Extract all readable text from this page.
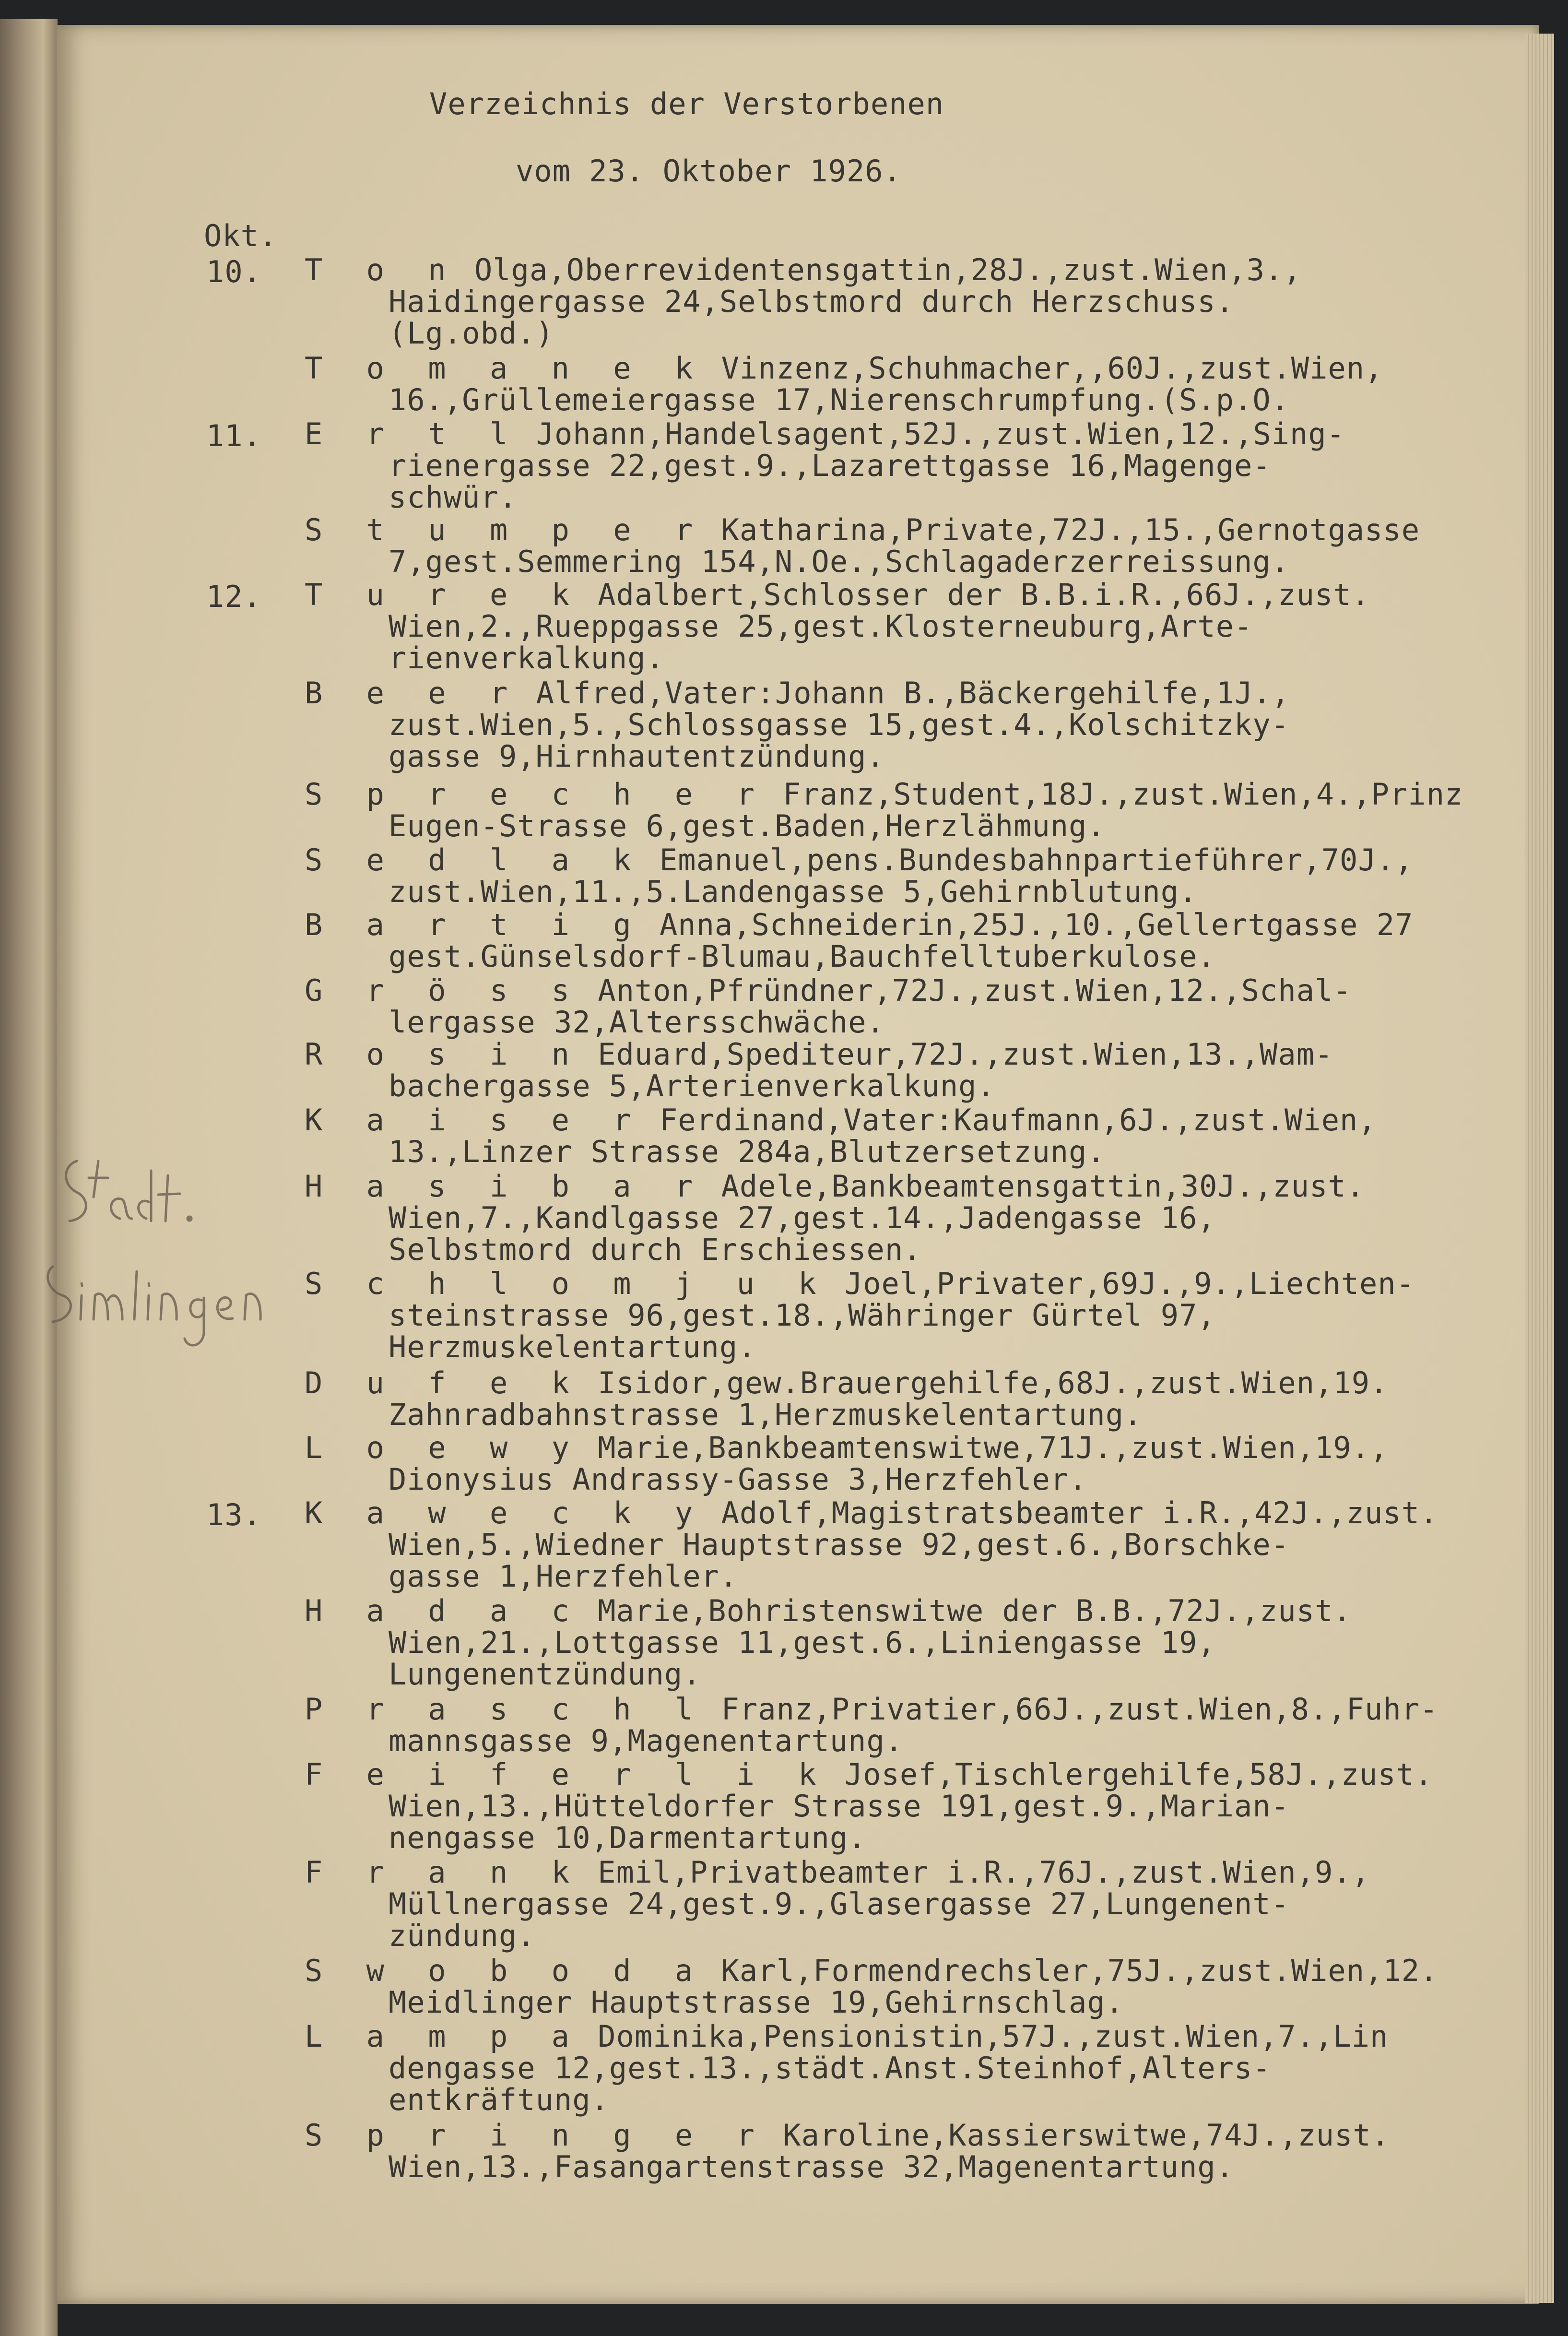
Verzeichnis der Verstorbenen
vom 23. Oktober 1926.
Okt.
10.
11.
12.
13.
T o n Olga,Oberrevidentensgattin,28J.,zust.Wien,3.,
Haidingergasse 24,Selbstmord durch Herzschuss.
(Lg.obd.)
T o m a n e k Vinzenz,Schuhmacher,,60J.,zust.Wien,
16.,Grüllemeiergasse 17,Nierenschrumpfung.(S.p.O.
E r t l Johann,Handelsagent,52J.,zust.Wien,12.,Sing-
rienergasse 22,gest.9.,Lazarettgasse 16,Magenge-
schwür.
S t u m p e r Katharina,Private,72J.,15.,Gernotgasse
7,gest.Semmering 154,N.Oe.,Schlagaderzerreissung.
T u r e k Adalbert,Schlosser der B.B.i.R.,66J.,zust.
Wien,2.,Rueppgasse 25,gest.Klosterneuburg,Arte-
rienverkalkung.
B e e r Alfred,Vater:Johann B.,Bäckergehilfe,1J.,
zust.Wien,5.,Schlossgasse 15,gest.4.,Kolschitzky-
gasse 9,Hirnhautentzündung.
S p r e c h e r Franz,Student,18J.,zust.Wien,4.,Prinz
Eugen-Strasse 6,gest.Baden,Herzlähmung.
S e d l a k Emanuel,pens.Bundesbahnpartieführer,70J.,
zust.Wien,11.,5.Landengasse 5,Gehirnblutung.
B a r t i g Anna,Schneiderin,25J.,10.,Gellertgasse 27
gest.Günselsdorf-Blumau,Bauchfelltuberkulose.
G r ö s s Anton,Pfründner,72J.,zust.Wien,12.,Schal-
lergasse 32,Altersschwäche.
R o s i n Eduard,Spediteur,72J.,zust.Wien,13.,Wam-
bachergasse 5,Arterienverkalkung.
K a i s e r Ferdinand,Vater:Kaufmann,6J.,zust.Wien,
13.,Linzer Strasse 284a,Blutzersetzung.
H a s i b a r Adele,Bankbeamtensgattin,30J.,zust.
Wien,7.,Kandlgasse 27,gest.14.,Jadengasse 16,
Selbstmord durch Erschiessen.
S c h l o m j u k Joel,Privater,69J.,9.,Liechten-
steinstrasse 96,gest.18.,Währinger Gürtel 97,
Herzmuskelentartung.
D u f e k Isidor,gew.Brauergehilfe,68J.,zust.Wien,19.
Zahnradbahnstrasse 1,Herzmuskelentartung.
L o e w y Marie,Bankbeamtenswitwe,71J.,zust.Wien,19.,
Dionysius Andrassy-Gasse 3,Herzfehler.
K a w e c k y Adolf,Magistratsbeamter i.R.,42J.,zust.
Wien,5.,Wiedner Hauptstrasse 92,gest.6.,Borschke-
gasse 1,Herzfehler.
H a d a c Marie,Bohristenswitwe der B.B.,72J.,zust.
Wien,21.,Lottgasse 11,gest.6.,Liniengasse 19,
Lungenentzündung.
P r a s c h l Franz,Privatier,66J.,zust.Wien,8.,Fuhr-
mannsgasse 9,Magenentartung.
F e i f e r l i k Josef,Tischlergehilfe,58J.,zust.
Wien,13.,Hütteldorfer Strasse 191,gest.9.,Marian-
nengasse 10,Darmentartung.
F r a n k Emil,Privatbeamter i.R.,76J.,zust.Wien,9.,
Müllnergasse 24,gest.9.,Glasergasse 27,Lungenent-
zündung.
S w o b o d a Karl,Formendrechsler,75J.,zust.Wien,12.
Meidlinger Hauptstrasse 19,Gehirnschlag.
L a m p a Dominika,Pensionistin,57J.,zust.Wien,7.,Lin
dengasse 12,gest.13.,städt.Anst.Steinhof,Alters-
entkräftung.
S p r i n g e r Karoline,Kassierswitwe,74J.,zust.
Wien,13.,Fasangartenstrasse 32,Magenentartung.
